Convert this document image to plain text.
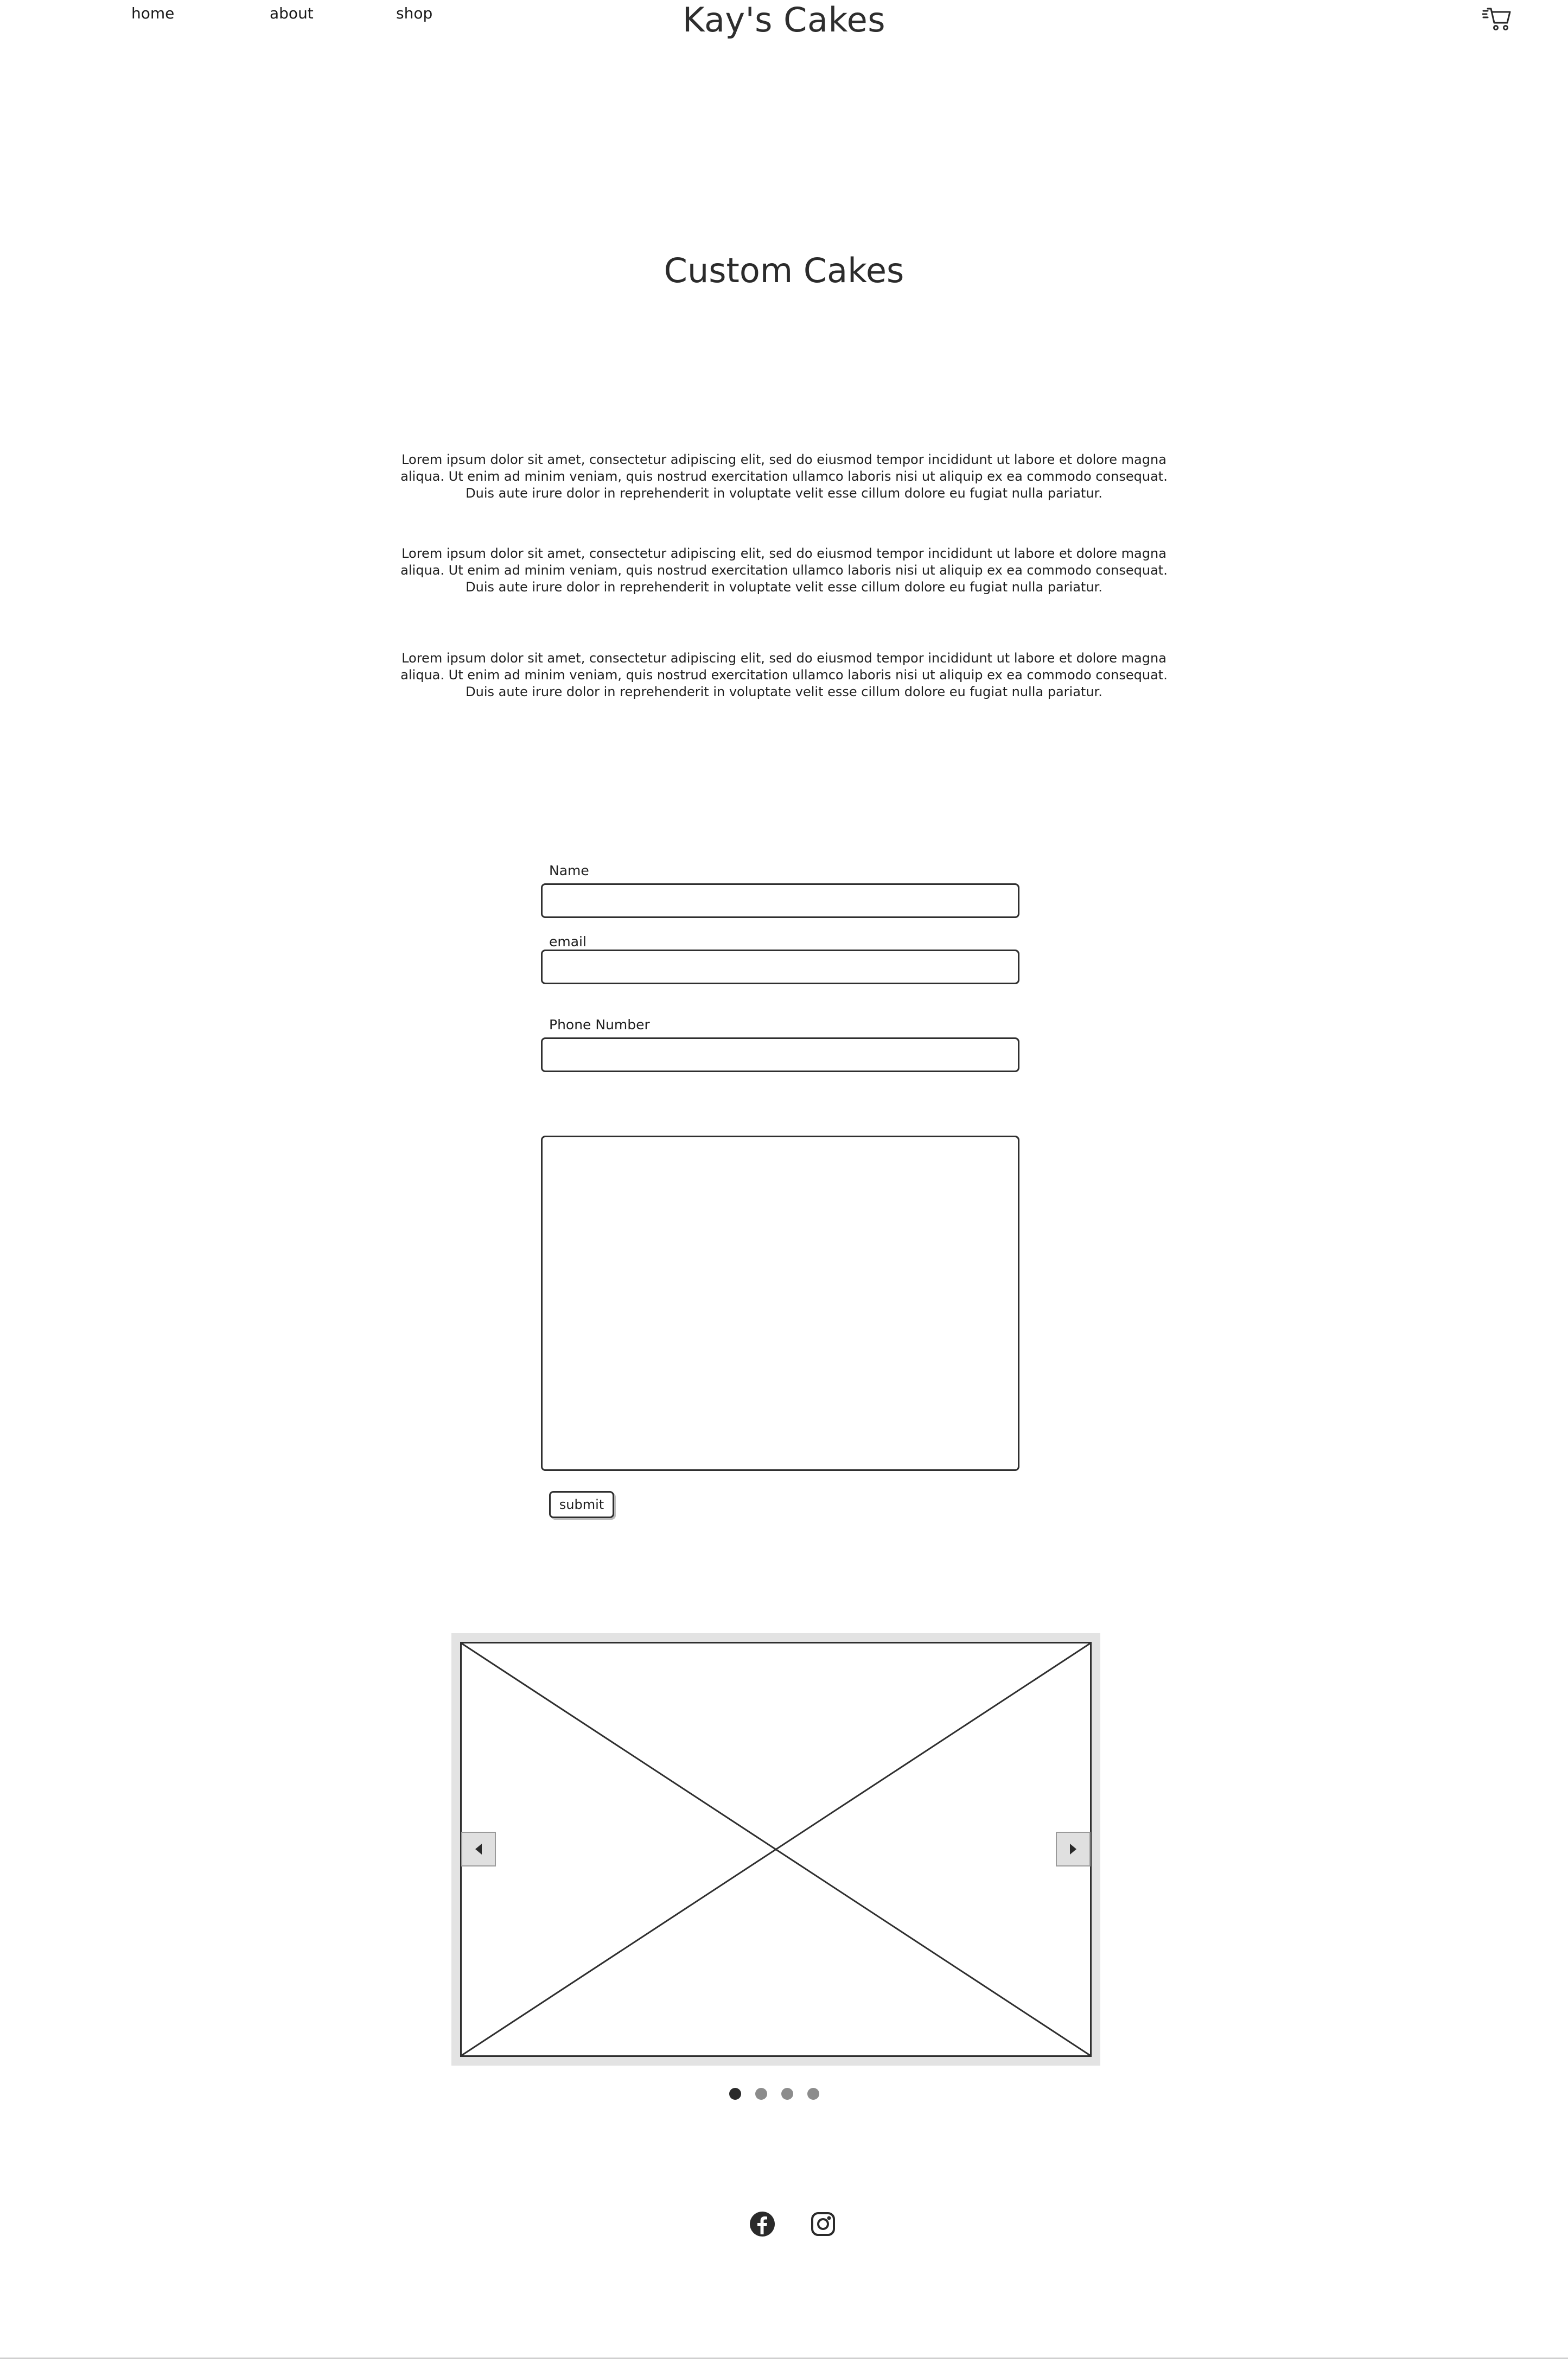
home	about	shop	Kay's Cakes
Custom Cakes

Lorem ipsum dolor sit amet, consectetur adipiscing elit, sed do eiusmod tempor incididunt ut labore et dolore magna aliqua. Ut enim ad minim veniam, quis nostrud exercitation ullamco laboris nisi ut aliquip ex ea commodo consequat. Duis aute irure dolor in reprehenderit in voluptate velit esse cillum dolore eu fugiat nulla pariatur.

Lorem ipsum dolor sit amet, consectetur adipiscing elit, sed do eiusmod tempor incididunt ut labore et dolore magna aliqua. Ut enim ad minim veniam, quis nostrud exercitation ullamco laboris nisi ut aliquip ex ea commodo consequat. Duis aute irure dolor in reprehenderit in voluptate velit esse cillum dolore eu fugiat nulla pariatur.

Lorem ipsum dolor sit amet, consectetur adipiscing elit, sed do eiusmod tempor incididunt ut labore et dolore magna aliqua. Ut enim ad minim veniam, quis nostrud exercitation ullamco laboris nisi ut aliquip ex ea commodo consequat. Duis aute irure dolor in reprehenderit in voluptate velit esse cillum dolore eu fugiat nulla pariatur.

Name
email
Phone Number
submit
